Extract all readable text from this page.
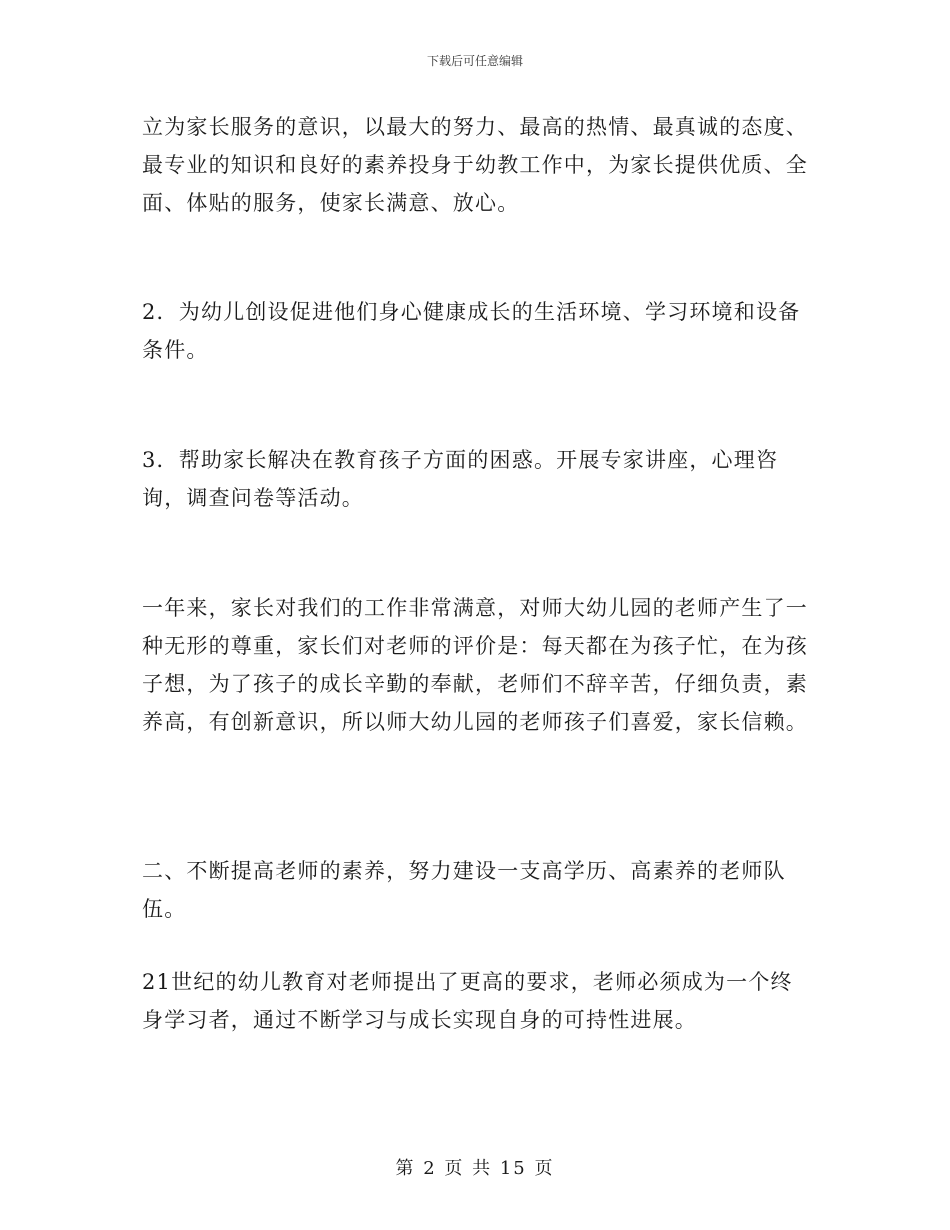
下载后可任意编辑
立为家长服务的意识，以最大的努力、最高的热情、最真诚的态度、最专业的知识和良好的素养投身于幼教工作中，为家长提供优质、全面、体贴的服务，使家长满意、放心。
2．为幼儿创设促进他们身心健康成长的生活环境、学习环境和设备条件。
3．帮助家长解决在教育孩子方面的困惑。开展专家讲座，心理咨询，调查问卷等活动。
一年来，家长对我们的工作非常满意，对师大幼儿园的老师产生了一种无形的尊重，家长们对老师的评价是：每天都在为孩子忙，在为孩子想，为了孩子的成长辛勤的奉献，老师们不辞辛苦，仔细负责，素养高，有创新意识，所以师大幼儿园的老师孩子们喜爱，家长信赖。
二、不断提高老师的素养，努力建设一支高学历、高素养的老师队伍。
21世纪的幼儿教育对老师提出了更高的要求，老师必须成为一个终身学习者，通过不断学习与成长实现自身的可持性进展。
第 2 页 共 15 页
